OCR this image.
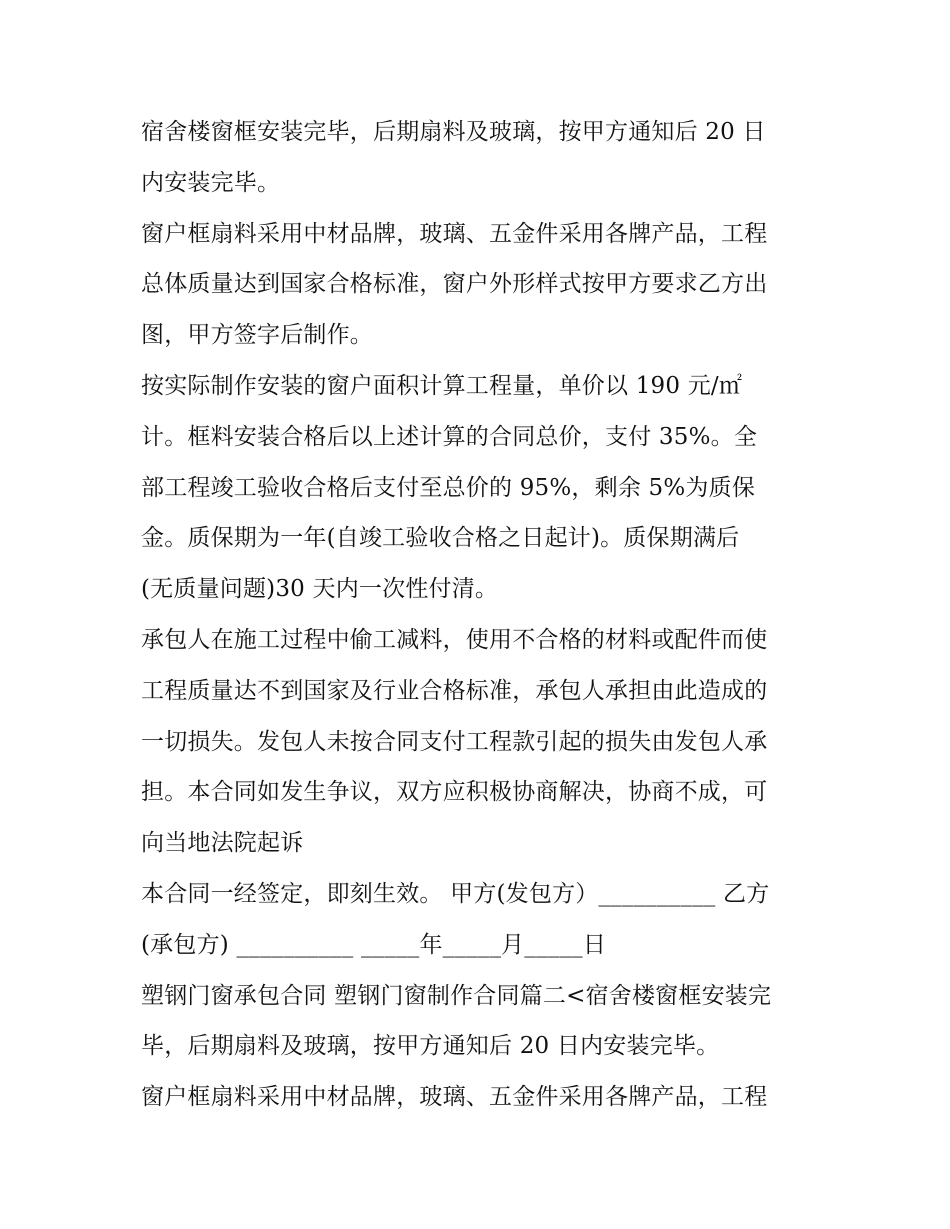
宿舍楼窗框安装完毕，后期扇料及玻璃，按甲方通知后 20 日
内安装完毕。
窗户框扇料采用中材品牌，玻璃、五金件采用各牌产品，工程
总体质量达到国家合格标准，窗户外形样式按甲方要求乙方出
图，甲方签字后制作。
按实际制作安装的窗户面积计算工程量，单价以 190 元/㎡
计。框料安装合格后以上述计算的合同总价，支付 35%。全
部工程竣工验收合格后支付至总价的 95%，剩余 5%为质保
金。质保期为一年(自竣工验收合格之日起计)。质保期满后
(无质量问题)30 天内一次性付清。
承包人在施工过程中偷工减料，使用不合格的材料或配件而使
工程质量达不到国家及行业合格标准，承包人承担由此造成的
一切损失。发包人未按合同支付工程款引起的损失由发包人承
担。本合同如发生争议，双方应积极协商解决，协商不成，可
向当地法院起诉
本合同一经签定，即刻生效。 甲方(发包方）__________ 乙方
(承包方) __________ _____年_____月_____日
塑钢门窗承包合同 塑钢门窗制作合同篇二<宿舍楼窗框安装完
毕，后期扇料及玻璃，按甲方通知后 20 日内安装完毕。
窗户框扇料采用中材品牌，玻璃、五金件采用各牌产品，工程
